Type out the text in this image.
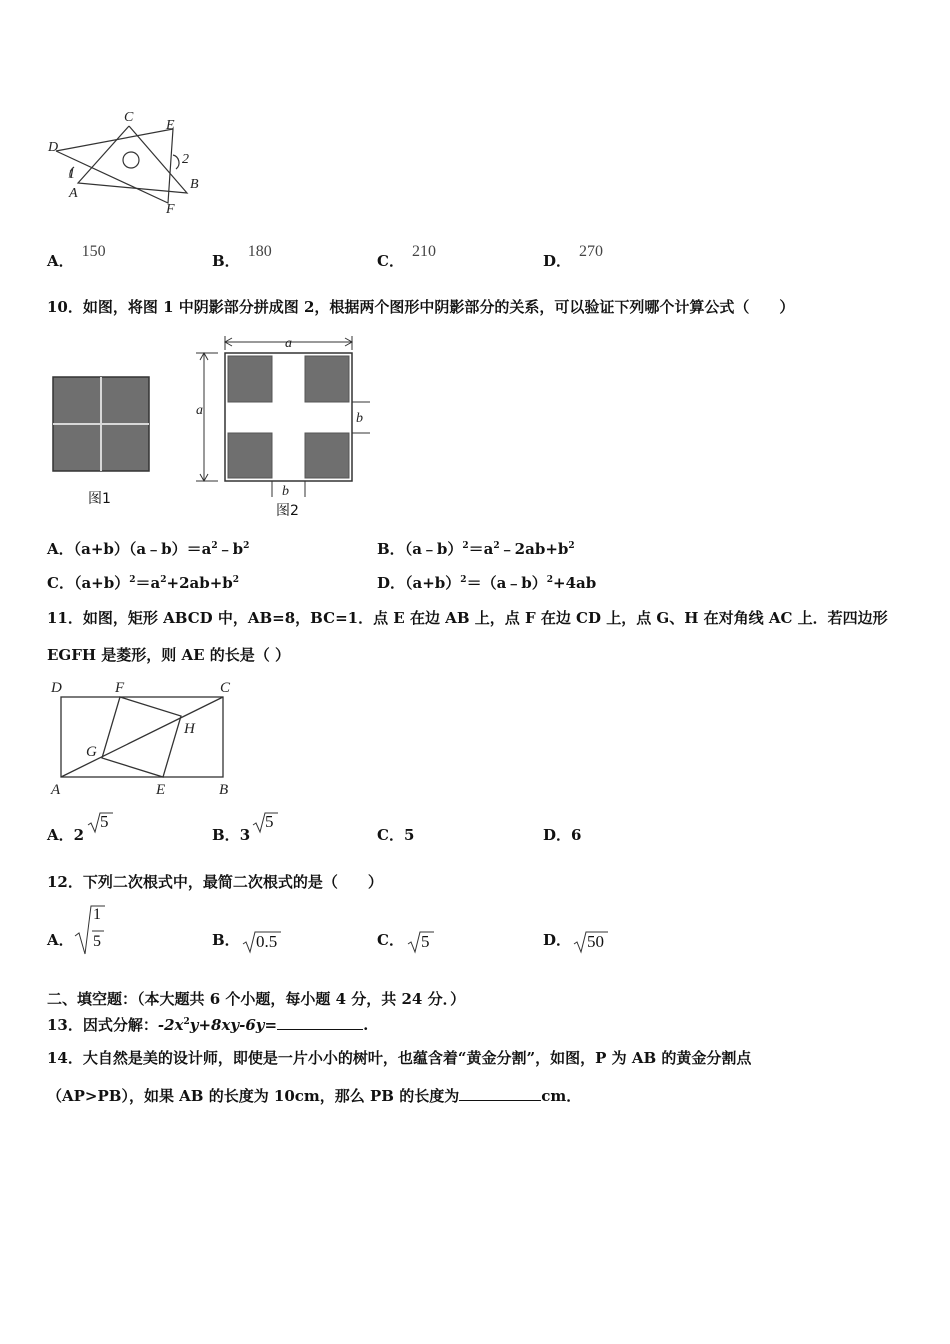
C
E
D
1
2
A
B
F
A．150
B．180
C．210
D．270
10．如图，将图 1 中阴影部分拼成图 2，根据两个图形中阴影部分的关系，可以验证下列哪个计算公式（　　）
图1
a
a
b
b
图2
A．$(a+b)(a﹣b)=a^2﹣b^2$	B．$(a﹣b)^2=a^2﹣2ab+b^2$
C．$(a+b)^2=a^2+2ab+b^2$	D．$(a+b)^2=(a﹣b)^2+4ab$
11．如图，矩形 ABCD 中，AB=8，BC=1．点 E 在边 AB 上，点 F 在边 CD 上，点 G、H 在对角线 AC 上．若四边形
EGFH 是菱形，则 AE 的长是（ ）
D	F	C
H
G
A	E	B
A．2
5
B．3
5
C．5	D．6
12．下列二次根式中，最简二次根式的是（　　）
A．
1
5	B． 0.5	C． 5	D． 50
二、填空题：（本大题共 6 个小题，每小题 4 分，共 24 分．）
13．因式分解：$-2x^2y+8xy-6y=$	.
14．大自然是美的设计师，即使是一片小小的树叶，也蕴含着“黄金分割”，如图，P 为 AB 的黄金分割点
（AP>PB），如果 AB 的长度为 10cm，那么 PB 的长度为	cm．
